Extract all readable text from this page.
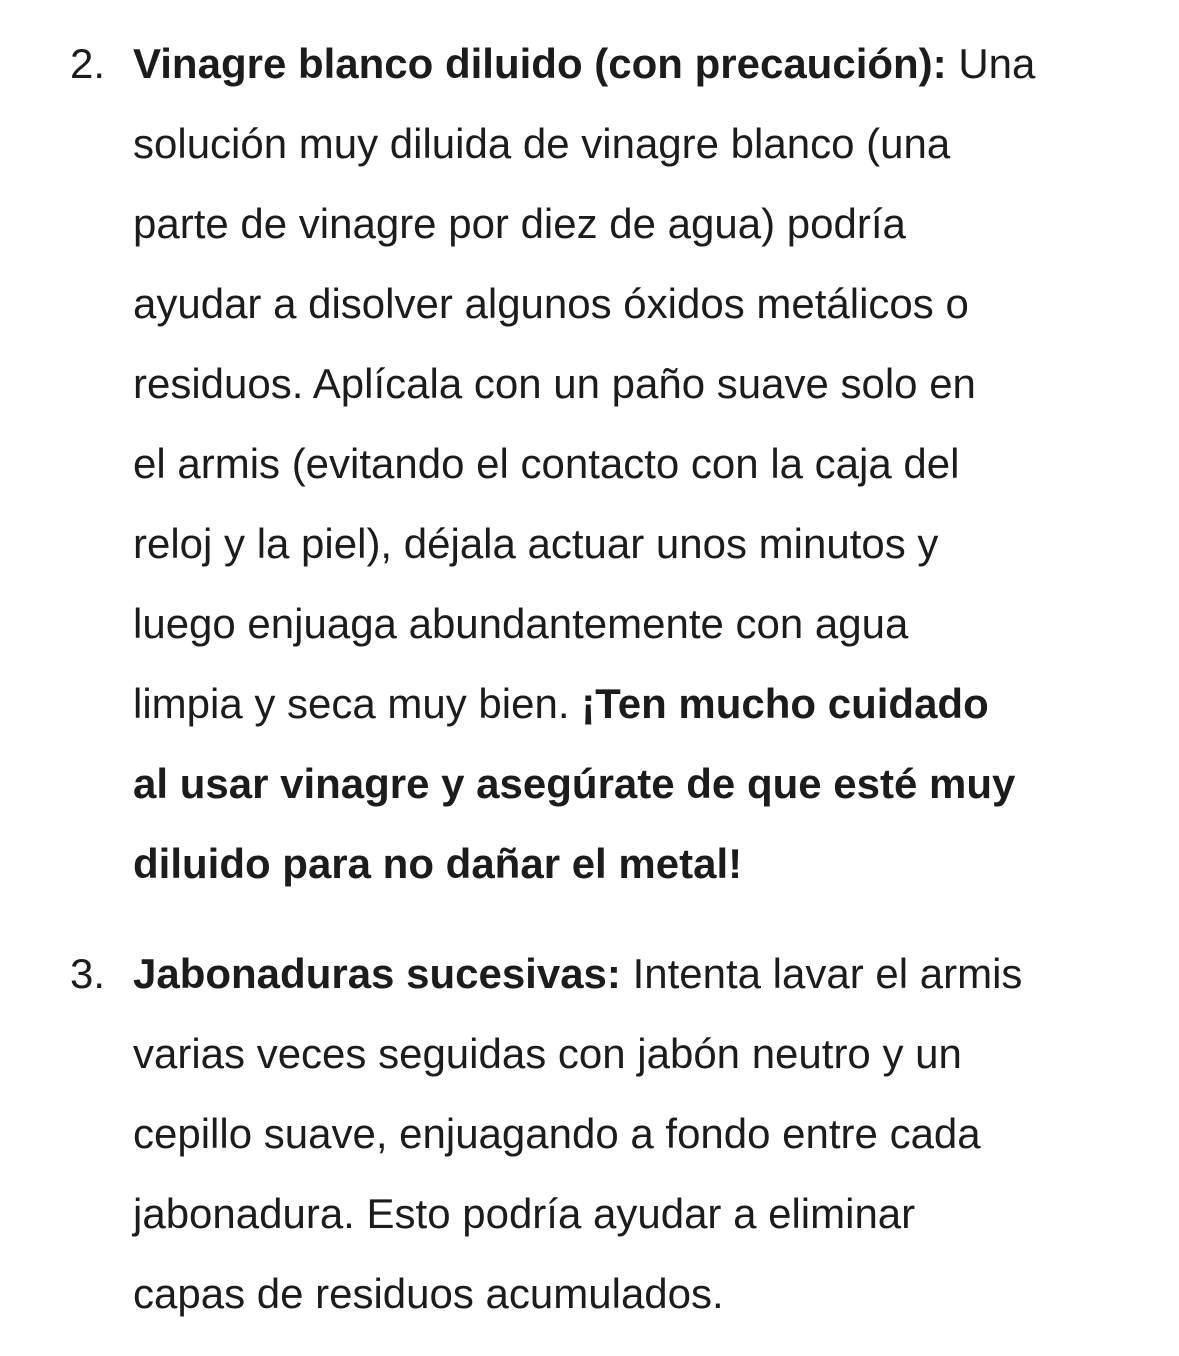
2. Vinagre blanco diluido (con precaución): Una
solución muy diluida de vinagre blanco (una
parte de vinagre por diez de agua) podría
ayudar a disolver algunos óxidos metálicos o
residuos. Aplícala con un paño suave solo en
el armis (evitando el contacto con la caja del
reloj y la piel), déjala actuar unos minutos y
luego enjuaga abundantemente con agua
limpia y seca muy bien. ¡Ten mucho cuidado
al usar vinagre y asegúrate de que esté muy
diluido para no dañar el metal!
3. Jabonaduras sucesivas: Intenta lavar el armis
varias veces seguidas con jabón neutro y un
cepillo suave, enjuagando a fondo entre cada
jabonadura. Esto podría ayudar a eliminar
capas de residuos acumulados.
